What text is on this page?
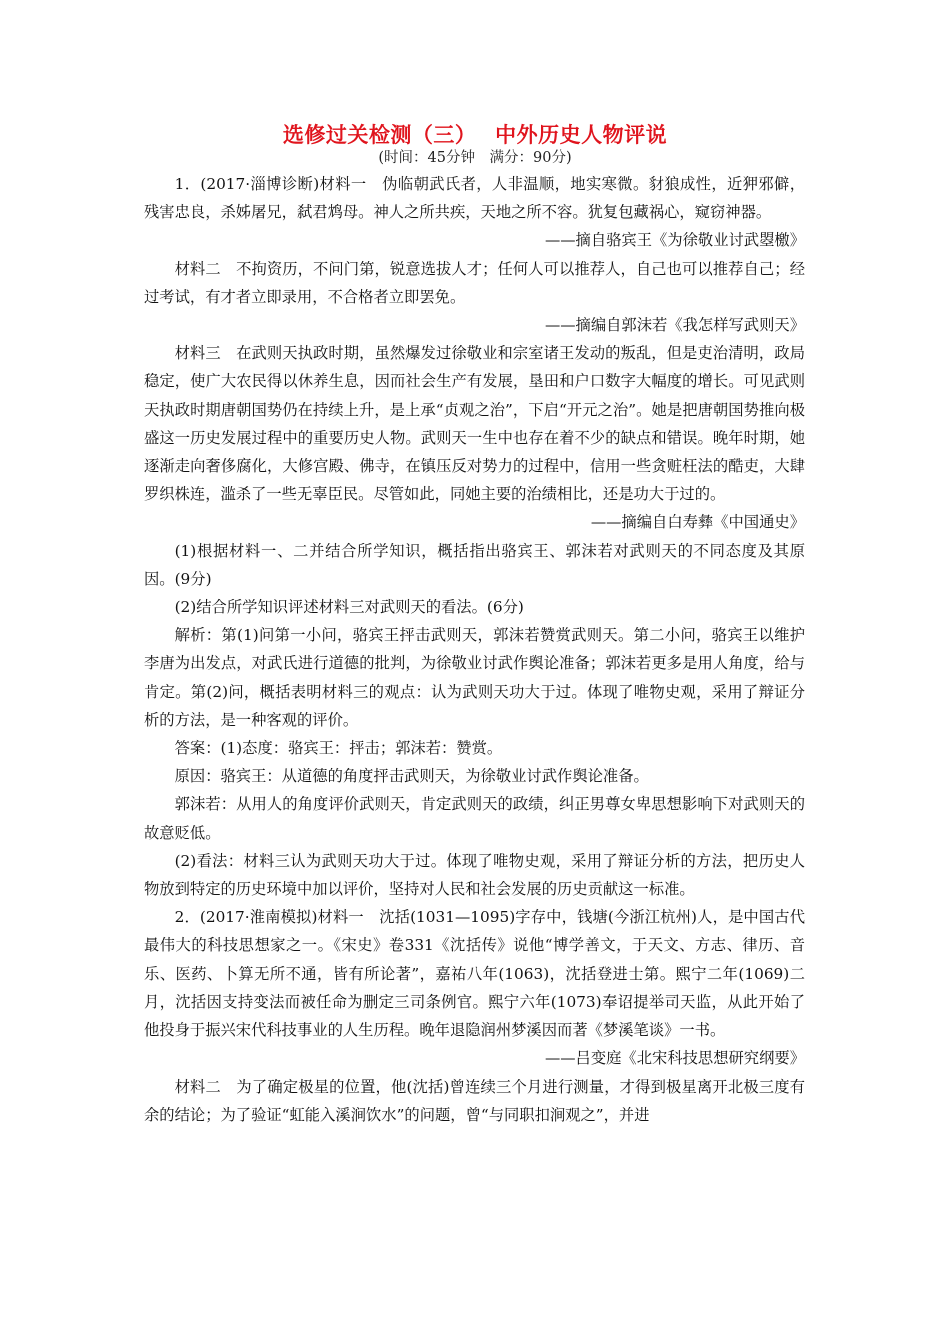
选修过关检测（三）　 中外历史人物评说
(时间：45分钟　满分：90分)

1．(2017·淄博诊断)材料一　伪临朝武氏者，人非温顺，地实寒微。豺狼成性，近狎邪僻，残害忠良，杀姊屠兄，弑君鸩母。神人之所共疾，天地之所不容。犹复包藏祸心，窥窃神器。

——摘自骆宾王《为徐敬业讨武曌檄》

材料二　不拘资历，不问门第，锐意选拔人才；任何人可以推荐人，自己也可以推荐自己；经过考试，有才者立即录用，不合格者立即罢免。

——摘编自郭沫若《我怎样写武则天》

材料三　在武则天执政时期，虽然爆发过徐敬业和宗室诸王发动的叛乱，但是吏治清明，政局稳定，使广大农民得以休养生息，因而社会生产有发展，垦田和户口数字大幅度的增长。可见武则天执政时期唐朝国势仍在持续上升，是上承“贞观之治”，下启“开元之治”。她是把唐朝国势推向极盛这一历史发展过程中的重要历史人物。武则天一生中也存在着不少的缺点和错误。晚年时期，她逐渐走向奢侈腐化，大修宫殿、佛寺，在镇压反对势力的过程中，信用一些贪赃枉法的酷吏，大肆罗织株连，滥杀了一些无辜臣民。尽管如此，同她主要的治绩相比，还是功大于过的。

——摘编自白寿彝《中国通史》

(1)根据材料一、二并结合所学知识，概括指出骆宾王、郭沫若对武则天的不同态度及其原因。(9分)

(2)结合所学知识评述材料三对武则天的看法。(6分)

解析：第(1)问第一小问，骆宾王抨击武则天，郭沫若赞赏武则天。第二小问，骆宾王以维护李唐为出发点，对武氏进行道德的批判，为徐敬业讨武作舆论准备；郭沫若更多是用人角度，给与肯定。第(2)问，概括表明材料三的观点：认为武则天功大于过。体现了唯物史观，采用了辩证分析的方法，是一种客观的评价。

答案：(1)态度：骆宾王：抨击；郭沫若：赞赏。

原因：骆宾王：从道德的角度抨击武则天，为徐敬业讨武作舆论准备。

郭沫若：从用人的角度评价武则天，肯定武则天的政绩，纠正男尊女卑思想影响下对武则天的故意贬低。

(2)看法：材料三认为武则天功大于过。体现了唯物史观，采用了辩证分析的方法，把历史人物放到特定的历史环境中加以评价，坚持对人民和社会发展的历史贡献这一标准。

2．(2017·淮南模拟)材料一　沈括(1031—1095)字存中，钱塘(今浙江杭州)人，是中国古代最伟大的科技思想家之一。《宋史》卷331《沈括传》说他“博学善文，于天文、方志、律历、音乐、医药、卜算无所不通，皆有所论著”，嘉祐八年(1063)，沈括登进士第。熙宁二年(1069)二月，沈括因支持变法而被任命为删定三司条例官。熙宁六年(1073)奉诏提举司天监，从此开始了他投身于振兴宋代科技事业的人生历程。晚年退隐润州梦溪因而著《梦溪笔谈》一书。

——吕变庭《北宋科技思想研究纲要》

材料二　为了确定极星的位置，他(沈括)曾连续三个月进行测量，才得到极星离开北极三度有余的结论；为了验证“虹能入溪涧饮水”的问题，曾“与同职扣涧观之”，并进
